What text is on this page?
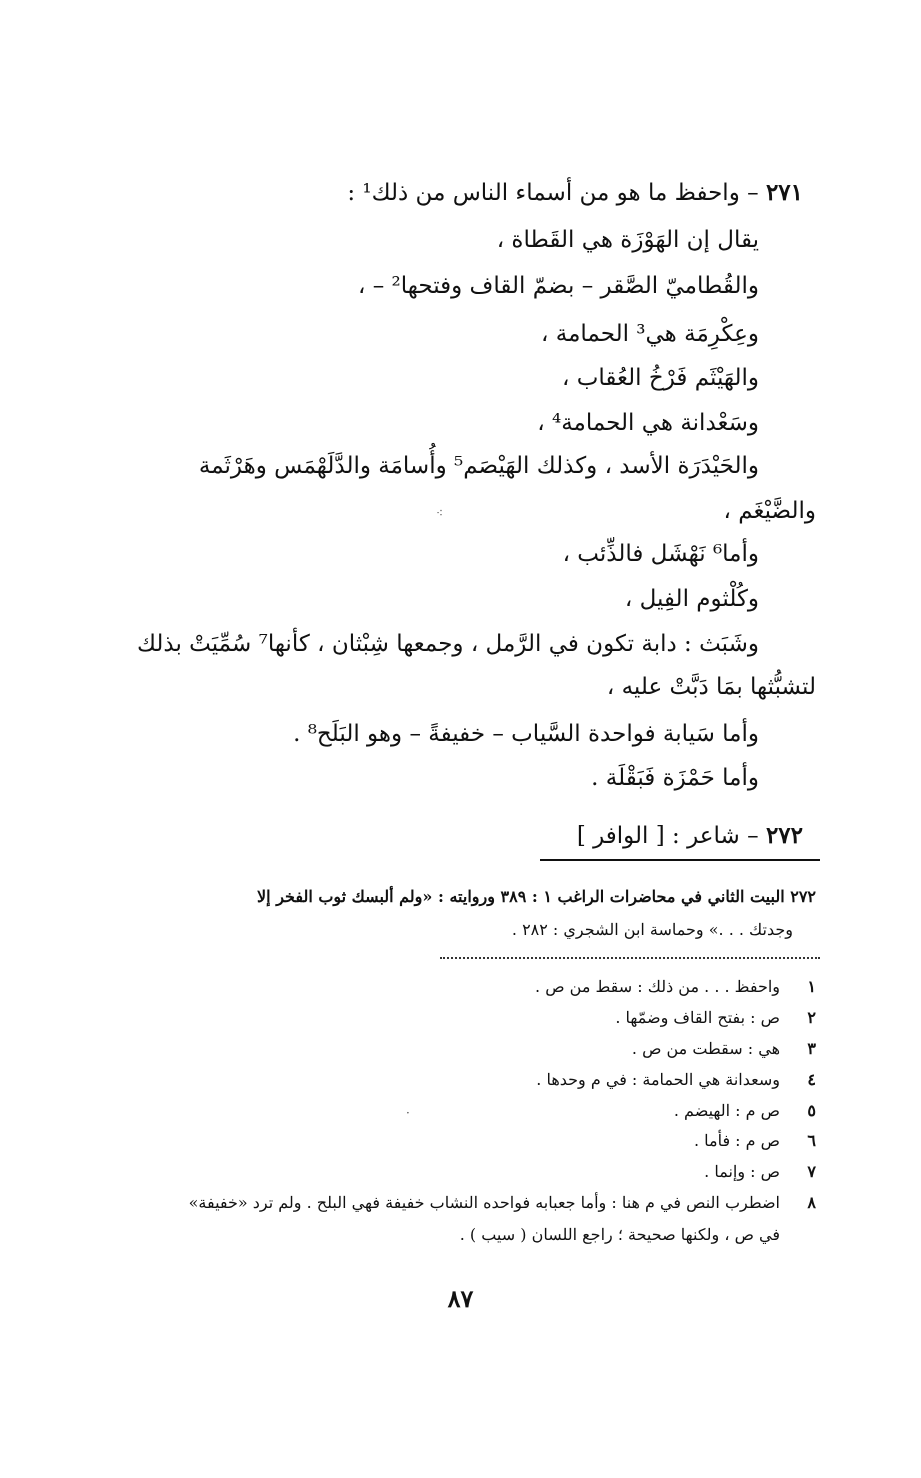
٢٧١ – واحفظ ما هو من أسماء الناس من ذلك¹ :
يقال إن الهَوْزَة هي القَطاة ،
والقُطاميّ الصَّقر – بضمّ القاف وفتحها² – ،
وعِكْرِمَة هي³ الحمامة ،
والهَيْثَم فَرْخُ العُقاب ،
وسَعْدانة هي الحمامة⁴ ،
والحَيْدَرَة الأسد ، وكذلك الهَيْصَم⁵ وأُسامَة والدَّلَهْمَس وهَرْثَمة
والضَّيْغَم ،
وأما⁶ نَهْشَل فالذِّئب ،
وكُلْثوم الفِيل ،
وشَبَث : دابة تكون في الرَّمل ، وجمعها شِبْثان ، كأنها⁷ سُمِّيَتْ بذلك
لتشبُّثها بمَا دَبَّتْ عليه ،
وأما سَيابة فواحدة السَّياب – خفيفةً – وهو البَلَح⁸ .
وأما حَمْزَة فَبَقْلَة .
⁖
·
٢٧٢ – شاعر : [ الوافر ]
٢٧٢ البيت الثاني في محاضرات الراغب ١ : ٣٨٩ وروايته : «ولم ألبسك ثوب الفخر إلا
وجدتك . . .» وحماسة ابن الشجري : ٢٨٢ .
١واحفظ . . . من ذلك : سقط من ص .
٢ص : بفتح القاف وضمّها .
٣هي : سقطت من ص .
٤وسعدانة هي الحمامة : في م وحدها .
٥ص م : الهيضم .
٦ص م : فأما .
٧ص : وإنما .
٨اضطرب النص في م هنا : وأما جعبابه فواحده النشاب خفيفة فهي البلح . ولم ترد «خفيفة»
في ص ، ولكنها صحيحة ؛ راجع اللسان ( سيب ) .
٨٧
